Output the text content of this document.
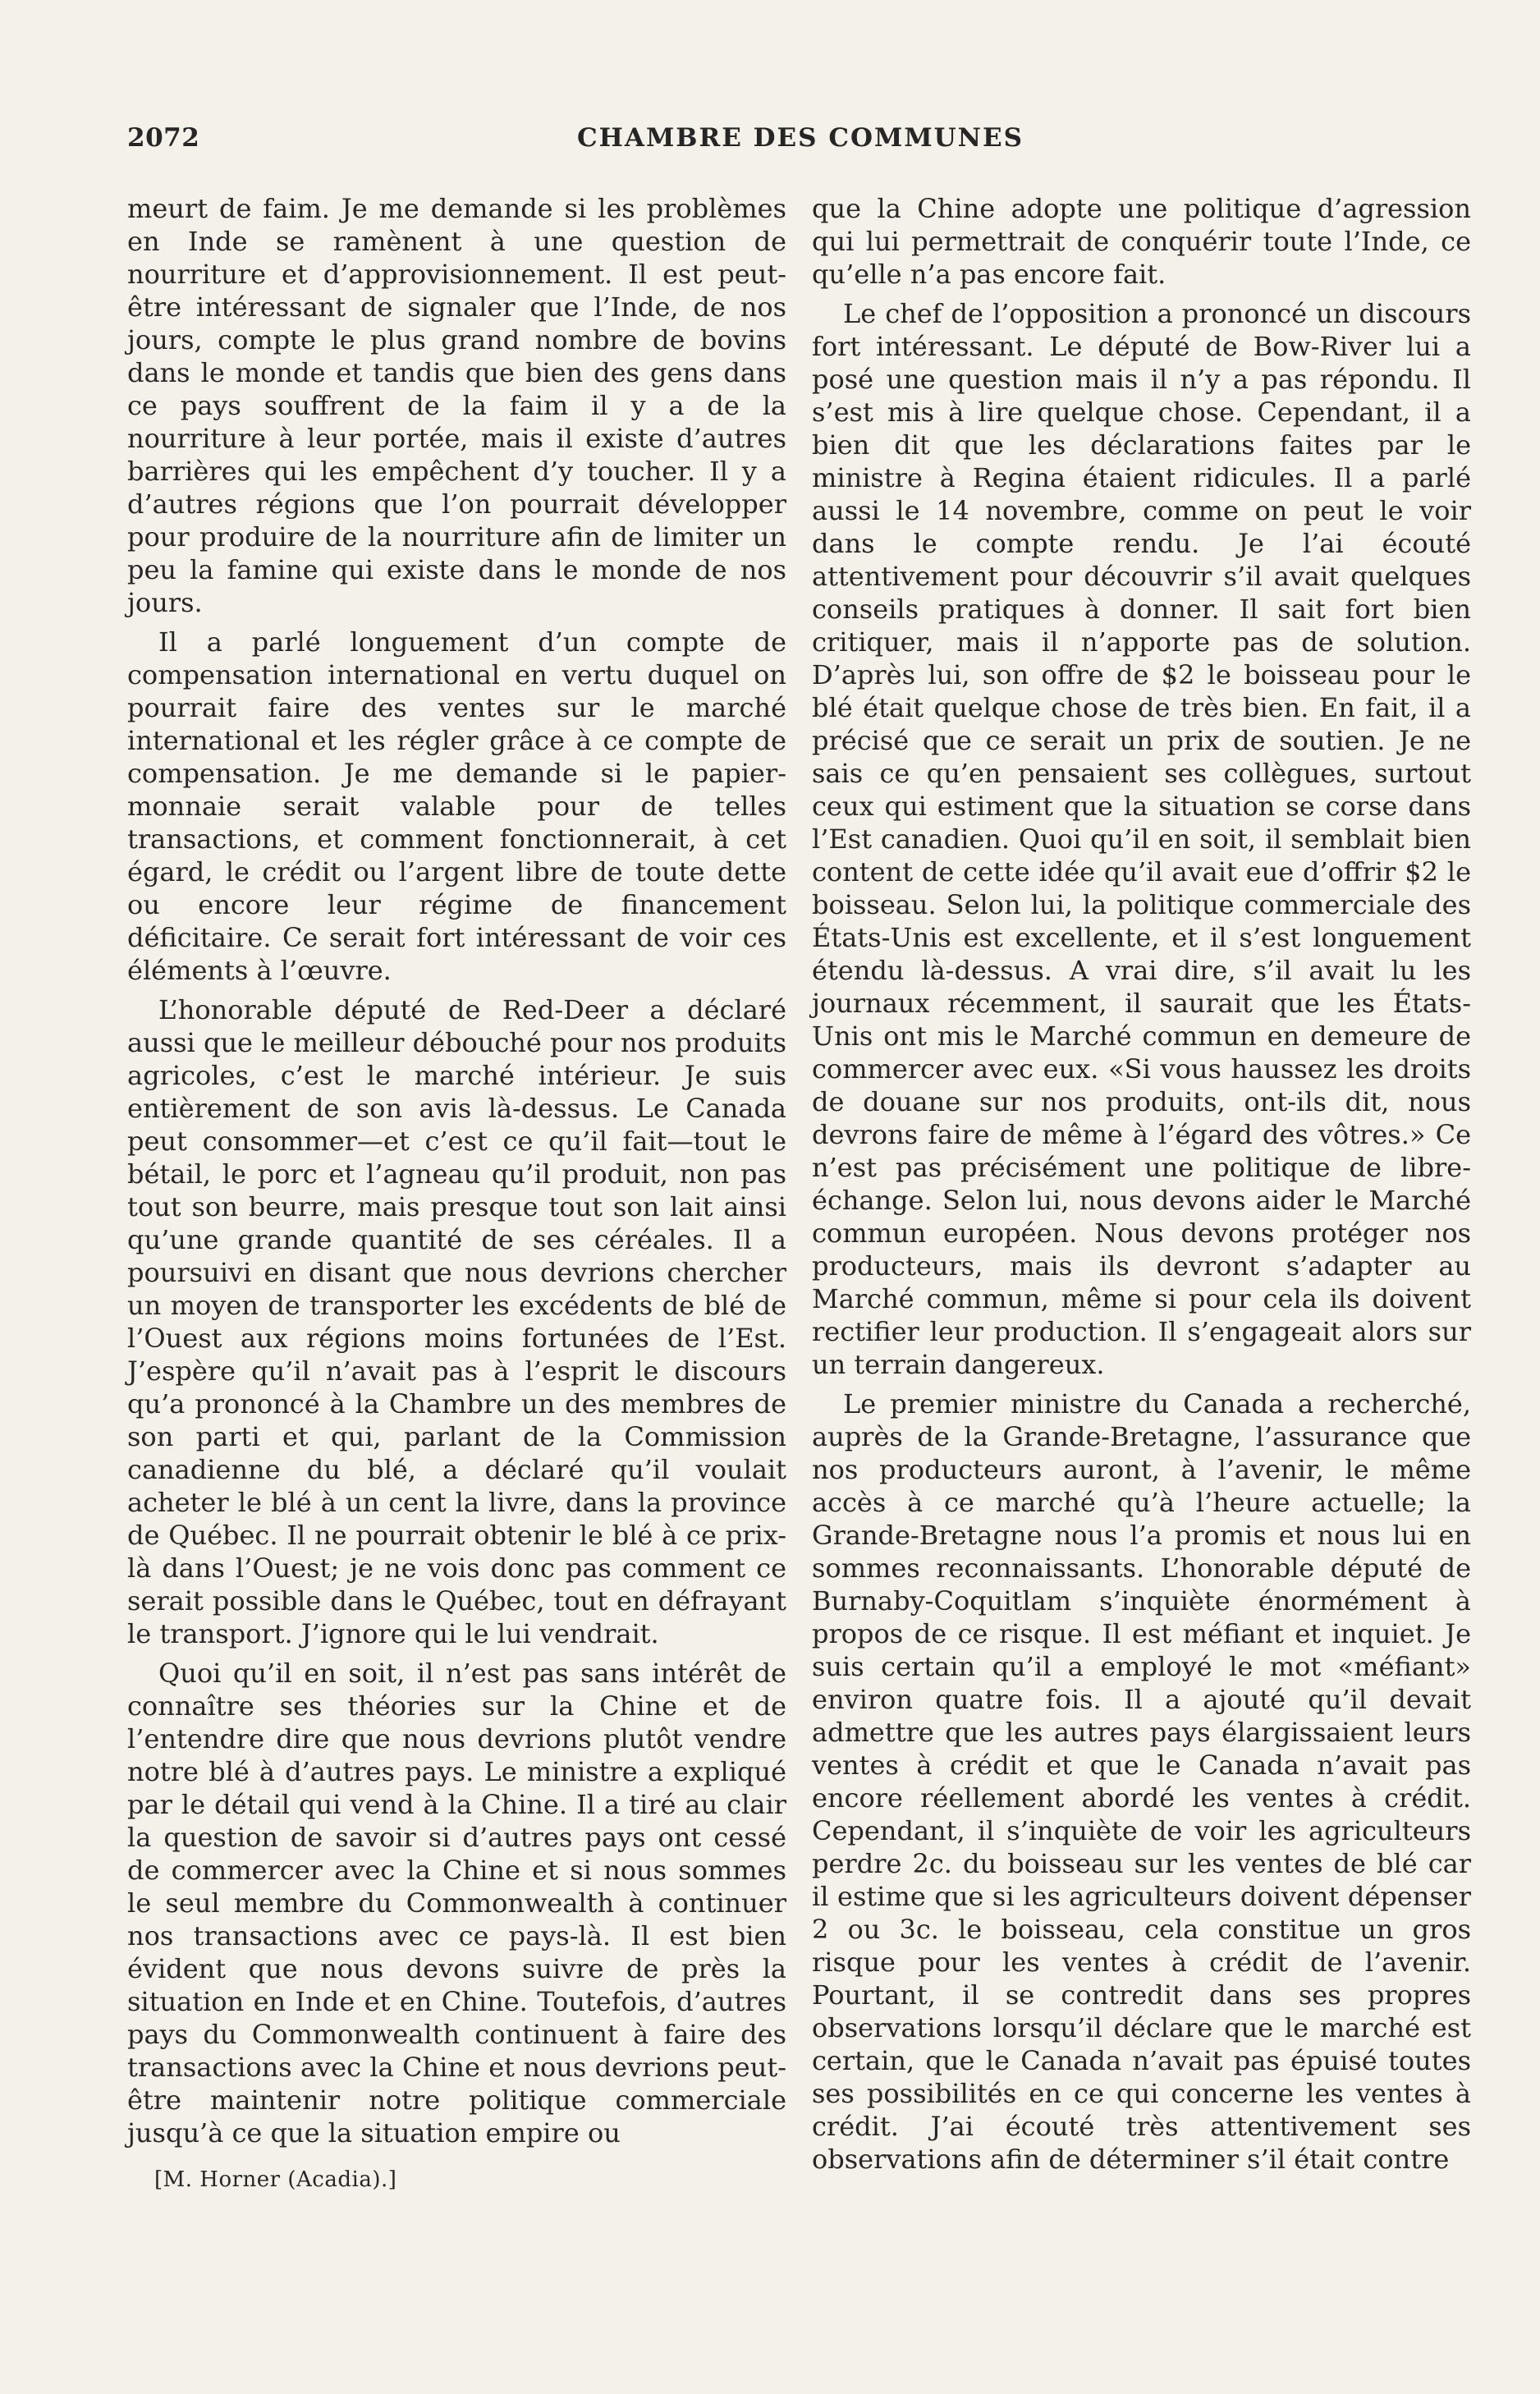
2072	CHAMBRE DES COMMUNES

meurt de faim. Je me demande si les problèmes en Inde se ramènent à une question de nourriture et d’approvisionnement. Il est peut-être intéressant de signaler que l’Inde, de nos jours, compte le plus grand nombre de bovins dans le monde et tandis que bien des gens dans ce pays souffrent de la faim il y a de la nourriture à leur portée, mais il existe d’autres barrières qui les empêchent d’y toucher. Il y a d’autres régions que l’on pourrait développer pour produire de la nourriture afin de limiter un peu la famine qui existe dans le monde de nos jours.

Il a parlé longuement d’un compte de compensation international en vertu duquel on pourrait faire des ventes sur le marché international et les régler grâce à ce compte de compensation. Je me demande si le papier-monnaie serait valable pour de telles transactions, et comment fonctionnerait, à cet égard, le crédit ou l’argent libre de toute dette ou encore leur régime de financement déficitaire. Ce serait fort intéressant de voir ces éléments à l’œuvre.

L’honorable député de Red-Deer a déclaré aussi que le meilleur débouché pour nos produits agricoles, c’est le marché intérieur. Je suis entièrement de son avis là-dessus. Le Canada peut consommer—et c’est ce qu’il fait—tout le bétail, le porc et l’agneau qu’il produit, non pas tout son beurre, mais presque tout son lait ainsi qu’une grande quantité de ses céréales. Il a poursuivi en disant que nous devrions chercher un moyen de transporter les excédents de blé de l’Ouest aux régions moins fortunées de l’Est. J’espère qu’il n’avait pas à l’esprit le discours qu’a prononcé à la Chambre un des membres de son parti et qui, parlant de la Commission canadienne du blé, a déclaré qu’il voulait acheter le blé à un cent la livre, dans la province de Québec. Il ne pourrait obtenir le blé à ce prix-là dans l’Ouest; je ne vois donc pas comment ce serait possible dans le Québec, tout en défrayant le transport. J’ignore qui le lui vendrait.

Quoi qu’il en soit, il n’est pas sans intérêt de connaître ses théories sur la Chine et de l’entendre dire que nous devrions plutôt vendre notre blé à d’autres pays. Le ministre a expliqué par le détail qui vend à la Chine. Il a tiré au clair la question de savoir si d’autres pays ont cessé de commercer avec la Chine et si nous sommes le seul membre du Commonwealth à continuer nos transactions avec ce pays-là. Il est bien évident que nous devons suivre de près la situation en Inde et en Chine. Toutefois, d’autres pays du Commonwealth continuent à faire des transactions avec la Chine et nous devrions peut-être maintenir notre politique commerciale jusqu’à ce que la situation empire ou

que la Chine adopte une politique d’agression qui lui permettrait de conquérir toute l’Inde, ce qu’elle n’a pas encore fait.

Le chef de l’opposition a prononcé un discours fort intéressant. Le député de Bow-River lui a posé une question mais il n’y a pas répondu. Il s’est mis à lire quelque chose. Cependant, il a bien dit que les déclarations faites par le ministre à Regina étaient ridicules. Il a parlé aussi le 14 novembre, comme on peut le voir dans le compte rendu. Je l’ai écouté attentivement pour découvrir s’il avait quelques conseils pratiques à donner. Il sait fort bien critiquer, mais il n’apporte pas de solution. D’après lui, son offre de $2 le boisseau pour le blé était quelque chose de très bien. En fait, il a précisé que ce serait un prix de soutien. Je ne sais ce qu’en pensaient ses collègues, surtout ceux qui estiment que la situation se corse dans l’Est canadien. Quoi qu’il en soit, il semblait bien content de cette idée qu’il avait eue d’offrir $2 le boisseau. Selon lui, la politique commerciale des États-Unis est excellente, et il s’est longuement étendu là-dessus. A vrai dire, s’il avait lu les journaux récemment, il saurait que les États-Unis ont mis le Marché commun en demeure de commercer avec eux. «Si vous haussez les droits de douane sur nos produits, ont-ils dit, nous devrons faire de même à l’égard des vôtres.» Ce n’est pas précisément une politique de libre-échange. Selon lui, nous devons aider le Marché commun européen. Nous devons protéger nos producteurs, mais ils devront s’adapter au Marché commun, même si pour cela ils doivent rectifier leur production. Il s’engageait alors sur un terrain dangereux.

Le premier ministre du Canada a recherché, auprès de la Grande-Bretagne, l’assurance que nos producteurs auront, à l’avenir, le même accès à ce marché qu’à l’heure actuelle; la Grande-Bretagne nous l’a promis et nous lui en sommes reconnaissants. L’honorable député de Burnaby-Coquitlam s’inquiète énormément à propos de ce risque. Il est méfiant et inquiet. Je suis certain qu’il a employé le mot «méfiant» environ quatre fois. Il a ajouté qu’il devait admettre que les autres pays élargissaient leurs ventes à crédit et que le Canada n’avait pas encore réellement abordé les ventes à crédit. Cependant, il s’inquiète de voir les agriculteurs perdre 2c. du boisseau sur les ventes de blé car il estime que si les agriculteurs doivent dépenser 2 ou 3c. le boisseau, cela constitue un gros risque pour les ventes à crédit de l’avenir. Pourtant, il se contredit dans ses propres observations lorsqu’il déclare que le marché est certain, que le Canada n’avait pas épuisé toutes ses possibilités en ce qui concerne les ventes à crédit. J’ai écouté très attentivement ses observations afin de déterminer s’il était contre

[M. Horner (Acadia).]
